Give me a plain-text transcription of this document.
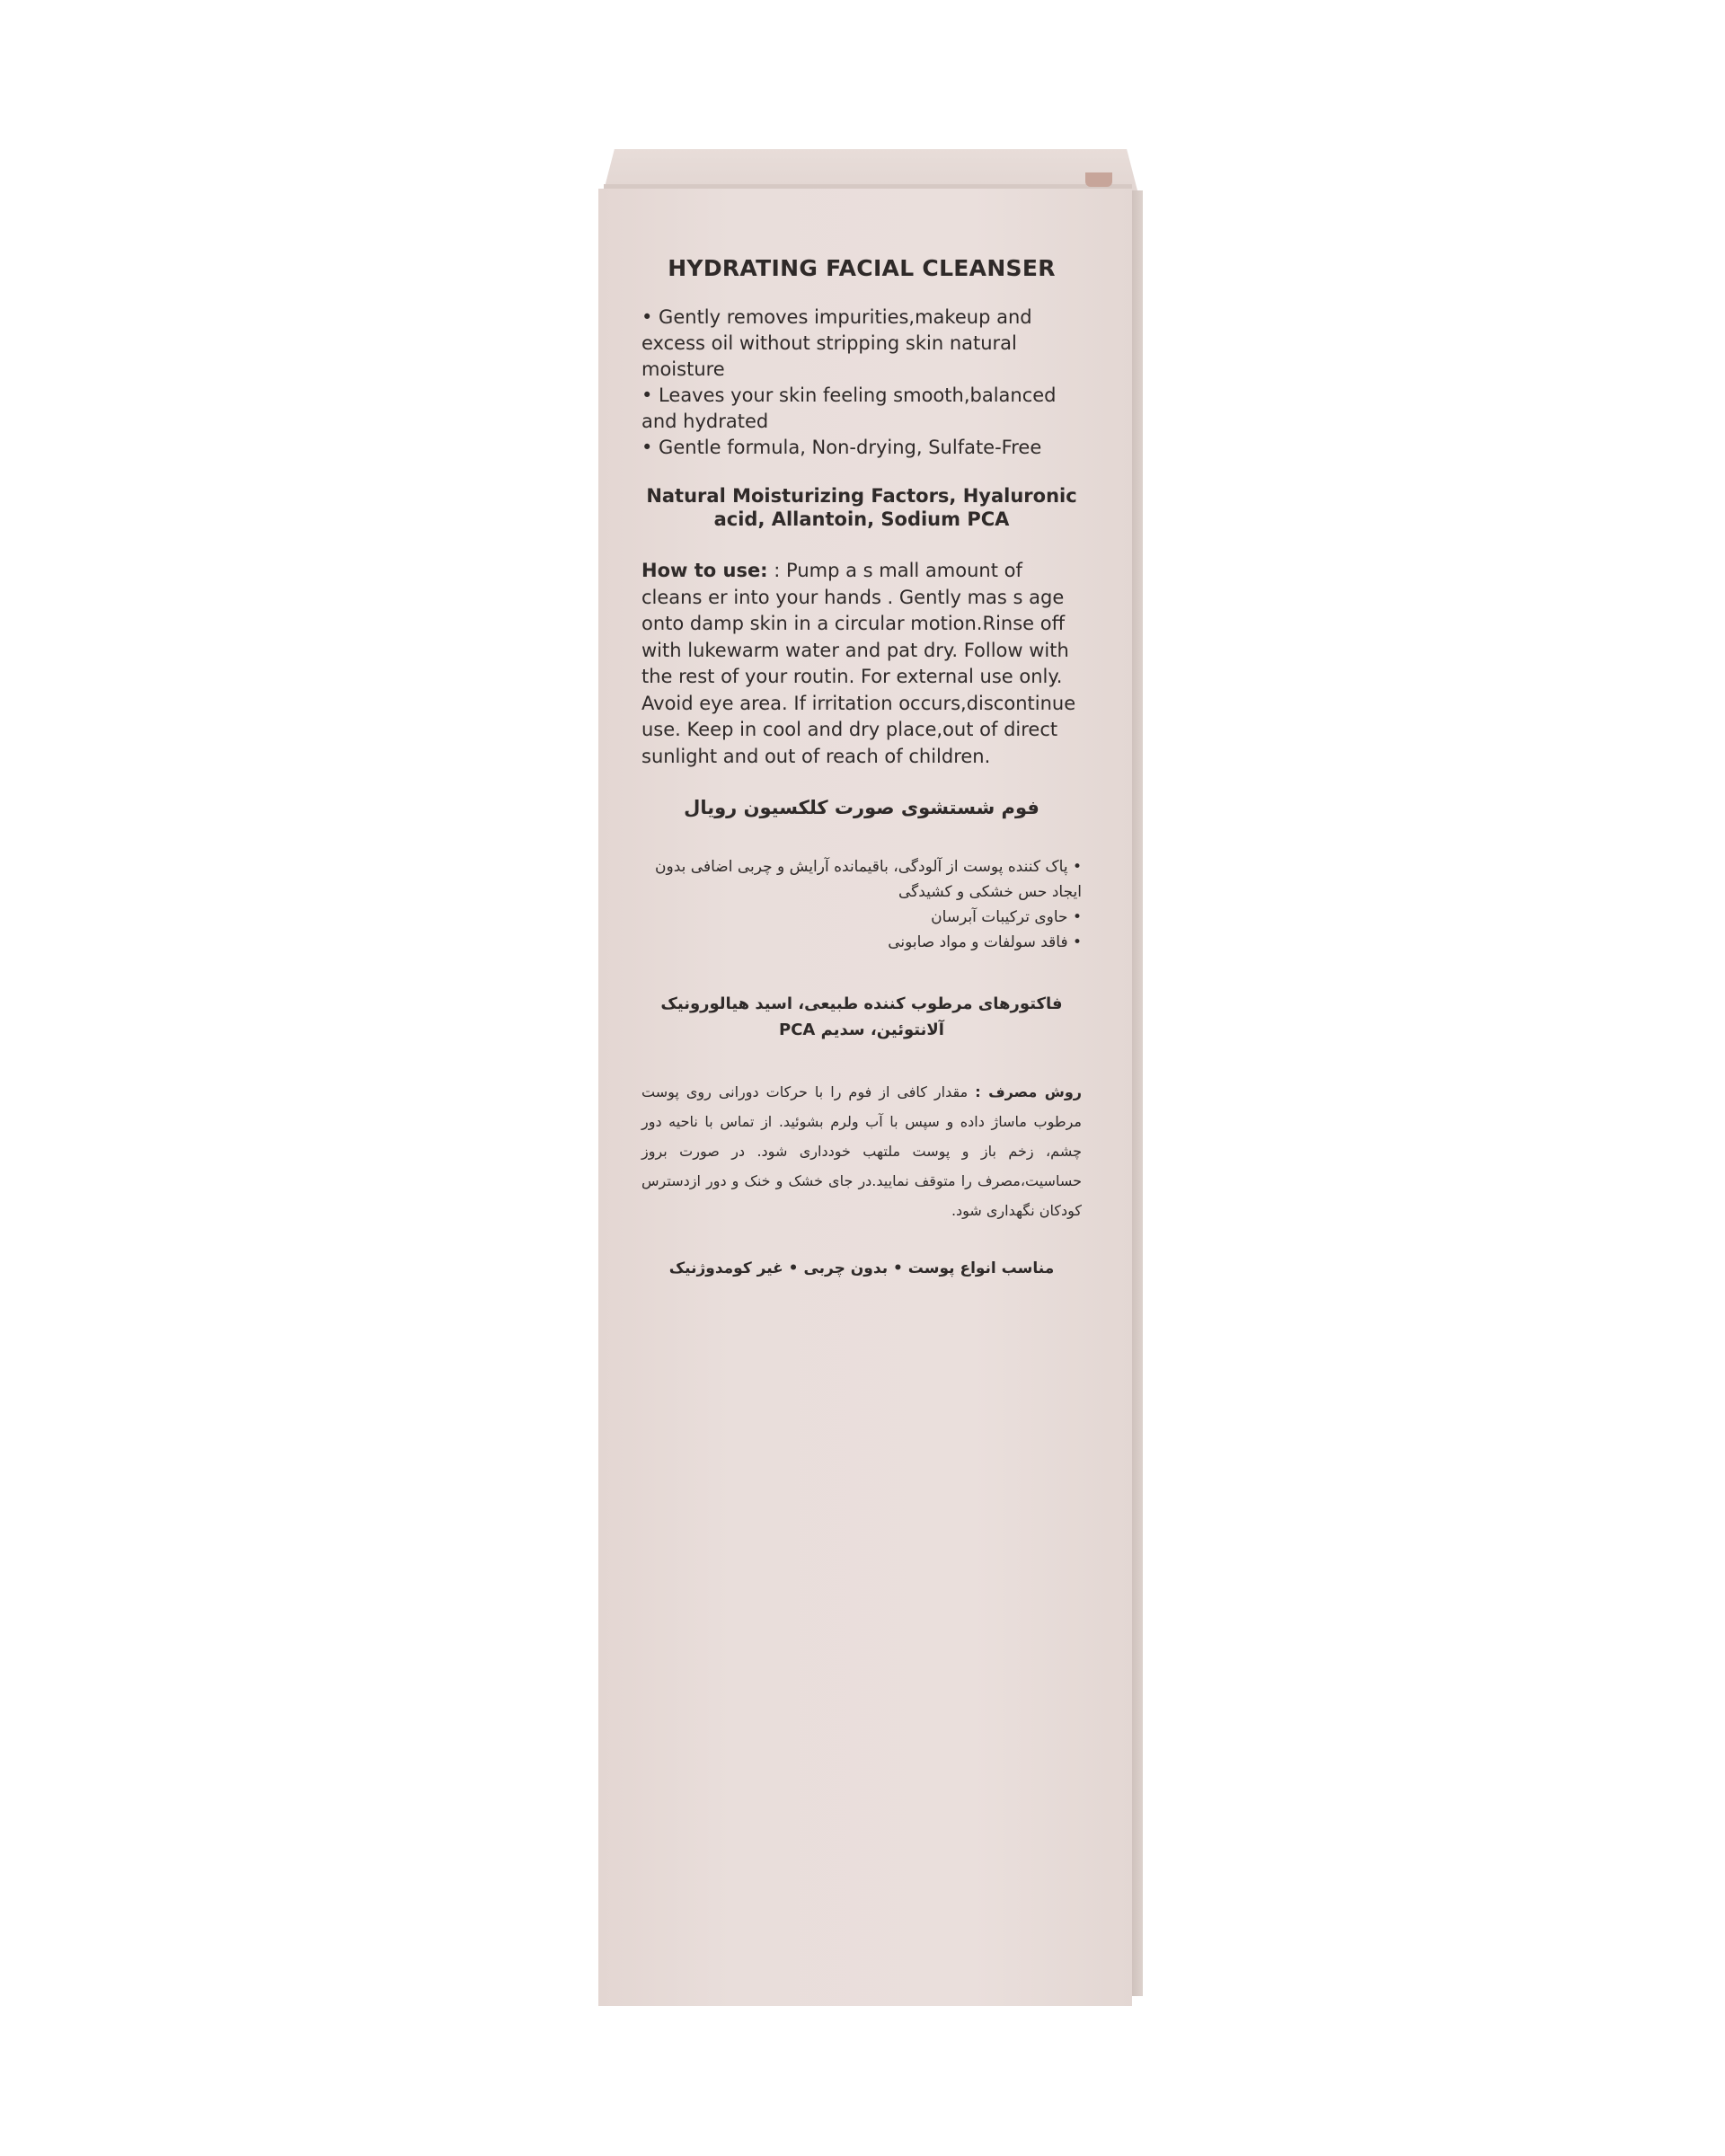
HYDRATING FACIAL CLEANSER
• Gently removes impurities,makeup and excess oil without stripping skin natural moisture
• Leaves your skin feeling smooth,balanced and hydrated
• Gentle formula, Non-drying, Sulfate-Free
Natural Moisturizing Factors, Hyaluronic acid, Allantoin, Sodium PCA
How to use: : Pump a s mall amount of cleans er into your hands . Gently mas s age onto damp skin in a circular motion.Rinse off with lukewarm water and pat dry. Follow with the rest of your routin. For external use only. Avoid eye area. If irritation occurs,discontinue use. Keep in cool and dry place,out of direct sunlight and out of reach of children.
فوم شستشوی صورت کلکسیون رویال
• پاک کننده پوست از آلودگی، باقیمانده آرایش و چربی اضافی بدون ایجاد حس خشکی و کشیدگی
• حاوی ترکیبات آبرسان
• فاقد سولفات و مواد صابونی
فاکتورهای مرطوب کننده طبیعی، اسید هیالورونیک
آلانتوئین، سدیم PCA
روش مصرف : مقدار کافی از فوم را با حرکات دورانی روی پوست مرطوب ماساژ داده و سپس با آب ولرم بشوئید. از تماس با ناحیه دور چشم، زخم باز و پوست ملتهب خودداری شود. در صورت بروز حساسیت،مصرف را متوقف نمایید.در جای خشک و خنک و دور ازدسترس کودکان نگهداری شود.
مناسب انواع پوست • بدون چربی • غیر کومدوژنیک
